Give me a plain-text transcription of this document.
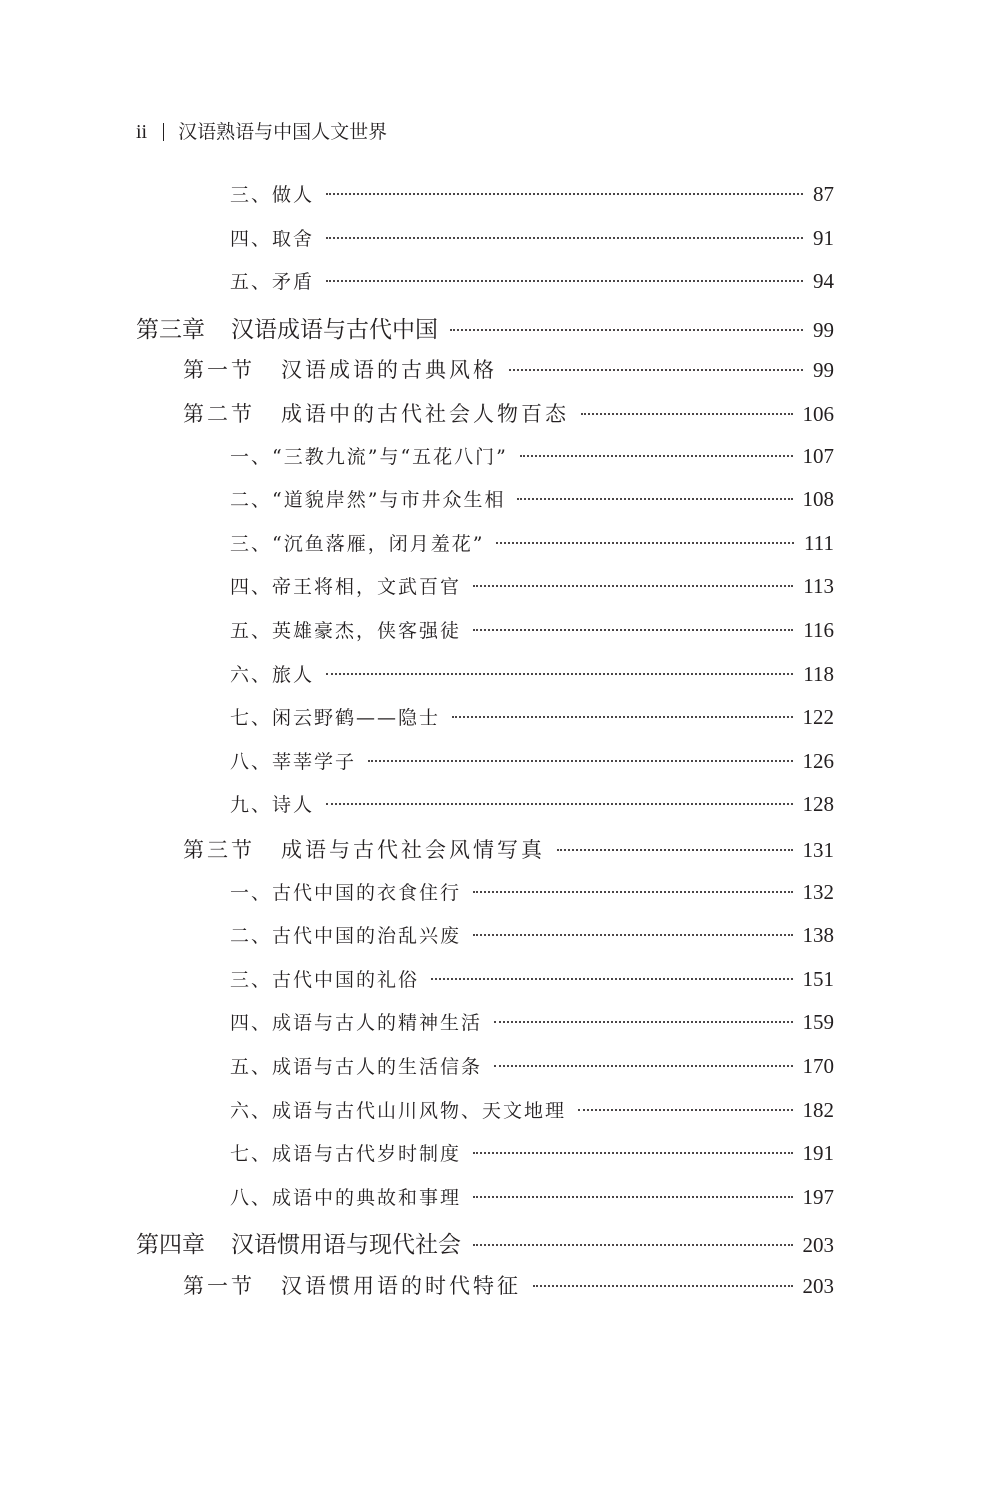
ii 汉语熟语与中国人文世界
三、做人	87
四、取舍	91
五、矛盾	94
第三章 汉语成语与古代中国	99
第一节 汉语成语的古典风格	99
第二节 成语中的古代社会人物百态	106
一、“三教九流”与“五花八门”	107
二、“道貌岸然”与市井众生相	108
三、“沉鱼落雁，闭月羞花”	111
四、帝王将相，文武百官	113
五、英雄豪杰，侠客强徒	116
六、旅人	118
七、闲云野鹤——隐士	122
八、莘莘学子	126
九、诗人	128
第三节 成语与古代社会风情写真	131
一、古代中国的衣食住行	132
二、古代中国的治乱兴废	138
三、古代中国的礼俗	151
四、成语与古人的精神生活	159
五、成语与古人的生活信条	170
六、成语与古代山川风物、天文地理	182
七、成语与古代岁时制度	191
八、成语中的典故和事理	197
第四章 汉语惯用语与现代社会	203
第一节 汉语惯用语的时代特征	203
